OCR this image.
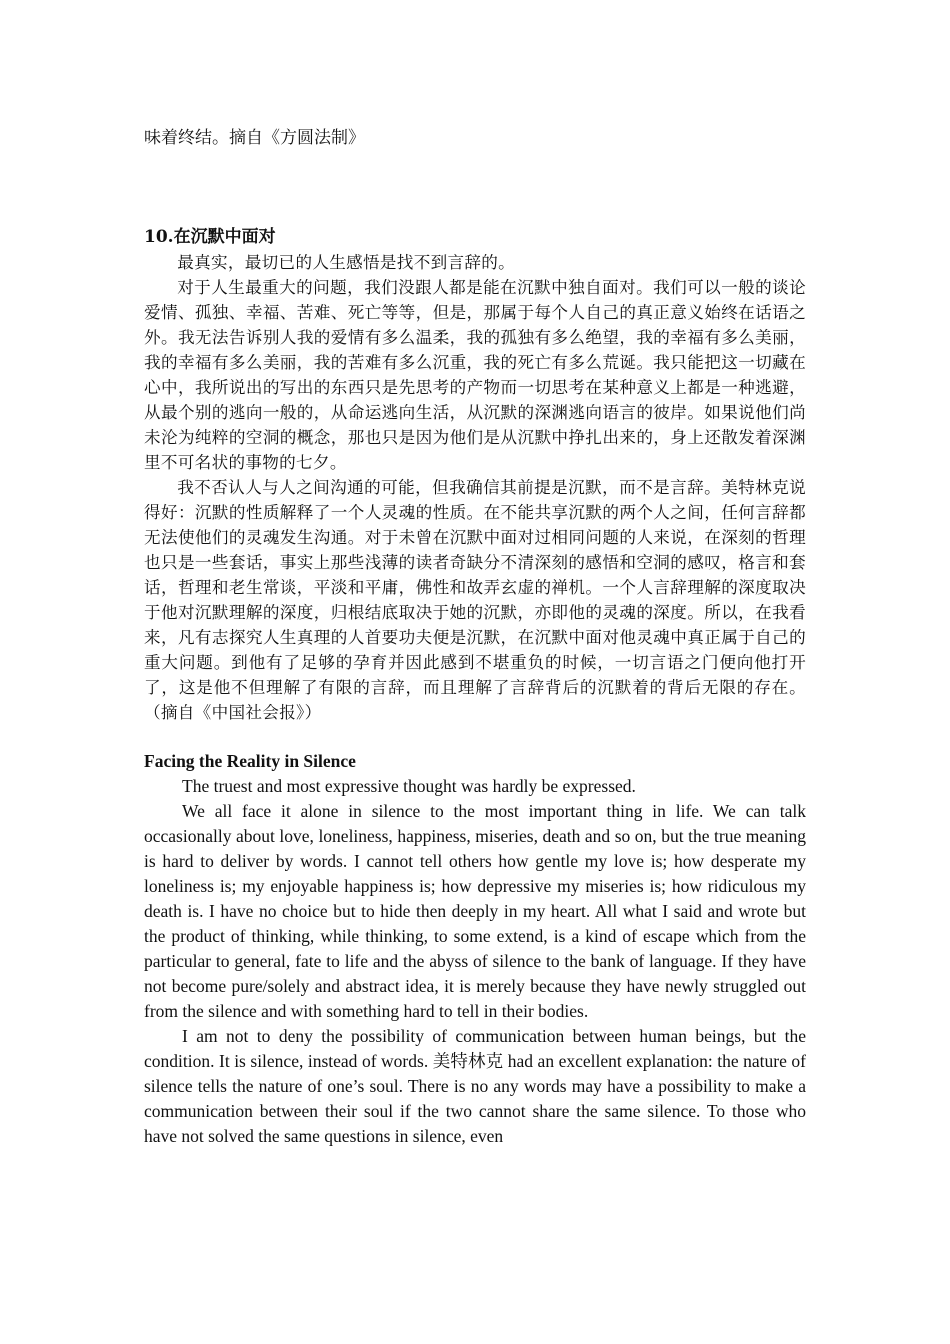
味着终结。摘自《方圆法制》

10.在沉默中面对

最真实，最切已的人生感悟是找不到言辞的。

对于人生最重大的问题，我们没跟人都是能在沉默中独自面对。我们可以一般的谈论爱情、孤独、幸福、苦难、死亡等等，但是，那属于每个人自己的真正意义始终在话语之外。我无法告诉别人我的爱情有多么温柔，我的孤独有多么绝望，我的幸福有多么美丽，我的幸福有多么美丽，我的苦难有多么沉重，我的死亡有多么荒诞。我只能把这一切藏在心中，我所说出的写出的东西只是先思考的产物而一切思考在某种意义上都是一种逃避，从最个别的逃向一般的，从命运逃向生活，从沉默的深渊逃向语言的彼岸。如果说他们尚未沦为纯粹的空洞的概念，那也只是因为他们是从沉默中挣扎出来的，身上还散发着深渊里不可名状的事物的七夕。

我不否认人与人之间沟通的可能，但我确信其前提是沉默，而不是言辞。美特林克说得好：沉默的性质解释了一个人灵魂的性质。在不能共享沉默的两个人之间，任何言辞都无法使他们的灵魂发生沟通。对于未曾在沉默中面对过相同问题的人来说，在深刻的哲理也只是一些套话，事实上那些浅薄的读者奇缺分不清深刻的感悟和空洞的感叹，格言和套话，哲理和老生常谈，平淡和平庸，佛性和故弄玄虚的禅机。一个人言辞理解的深度取决于他对沉默理解的深度，归根结底取决于她的沉默，亦即他的灵魂的深度。所以，在我看来，凡有志探究人生真理的人首要功夫便是沉默，在沉默中面对他灵魂中真正属于自己的重大问题。到他有了足够的孕育并因此感到不堪重负的时候，一切言语之门便向他打开了，这是他不但理解了有限的言辞，而且理解了言辞背后的沉默着的背后无限的存在。（摘自《中国社会报》）

Facing the Reality in Silence

The truest and most expressive thought was hardly be expressed.

We all face it alone in silence to the most important thing in life. We can talk occasionally about love, loneliness, happiness, miseries, death and so on, but the true meaning is hard to deliver by words. I cannot tell others how gentle my love is; how desperate my loneliness is; my enjoyable happiness is; how depressive my miseries is; how ridiculous my death is. I have no choice but to hide then deeply in my heart. All what I said and wrote but the product of thinking, while thinking, to some extend, is a kind of escape which from the particular to general, fate to life and the abyss of silence to the bank of language. If they have not become pure/solely and abstract idea, it is merely because they have newly struggled out from the silence and with something hard to tell in their bodies.

I am not to deny the possibility of communication between human beings, but the condition. It is silence, instead of words. 美特林克 had an excellent explanation: the nature of silence tells the nature of one’s soul. There is no any words may have a possibility to make a communication between their soul if the two cannot share the same silence. To those who have not solved the same questions in silence, even
